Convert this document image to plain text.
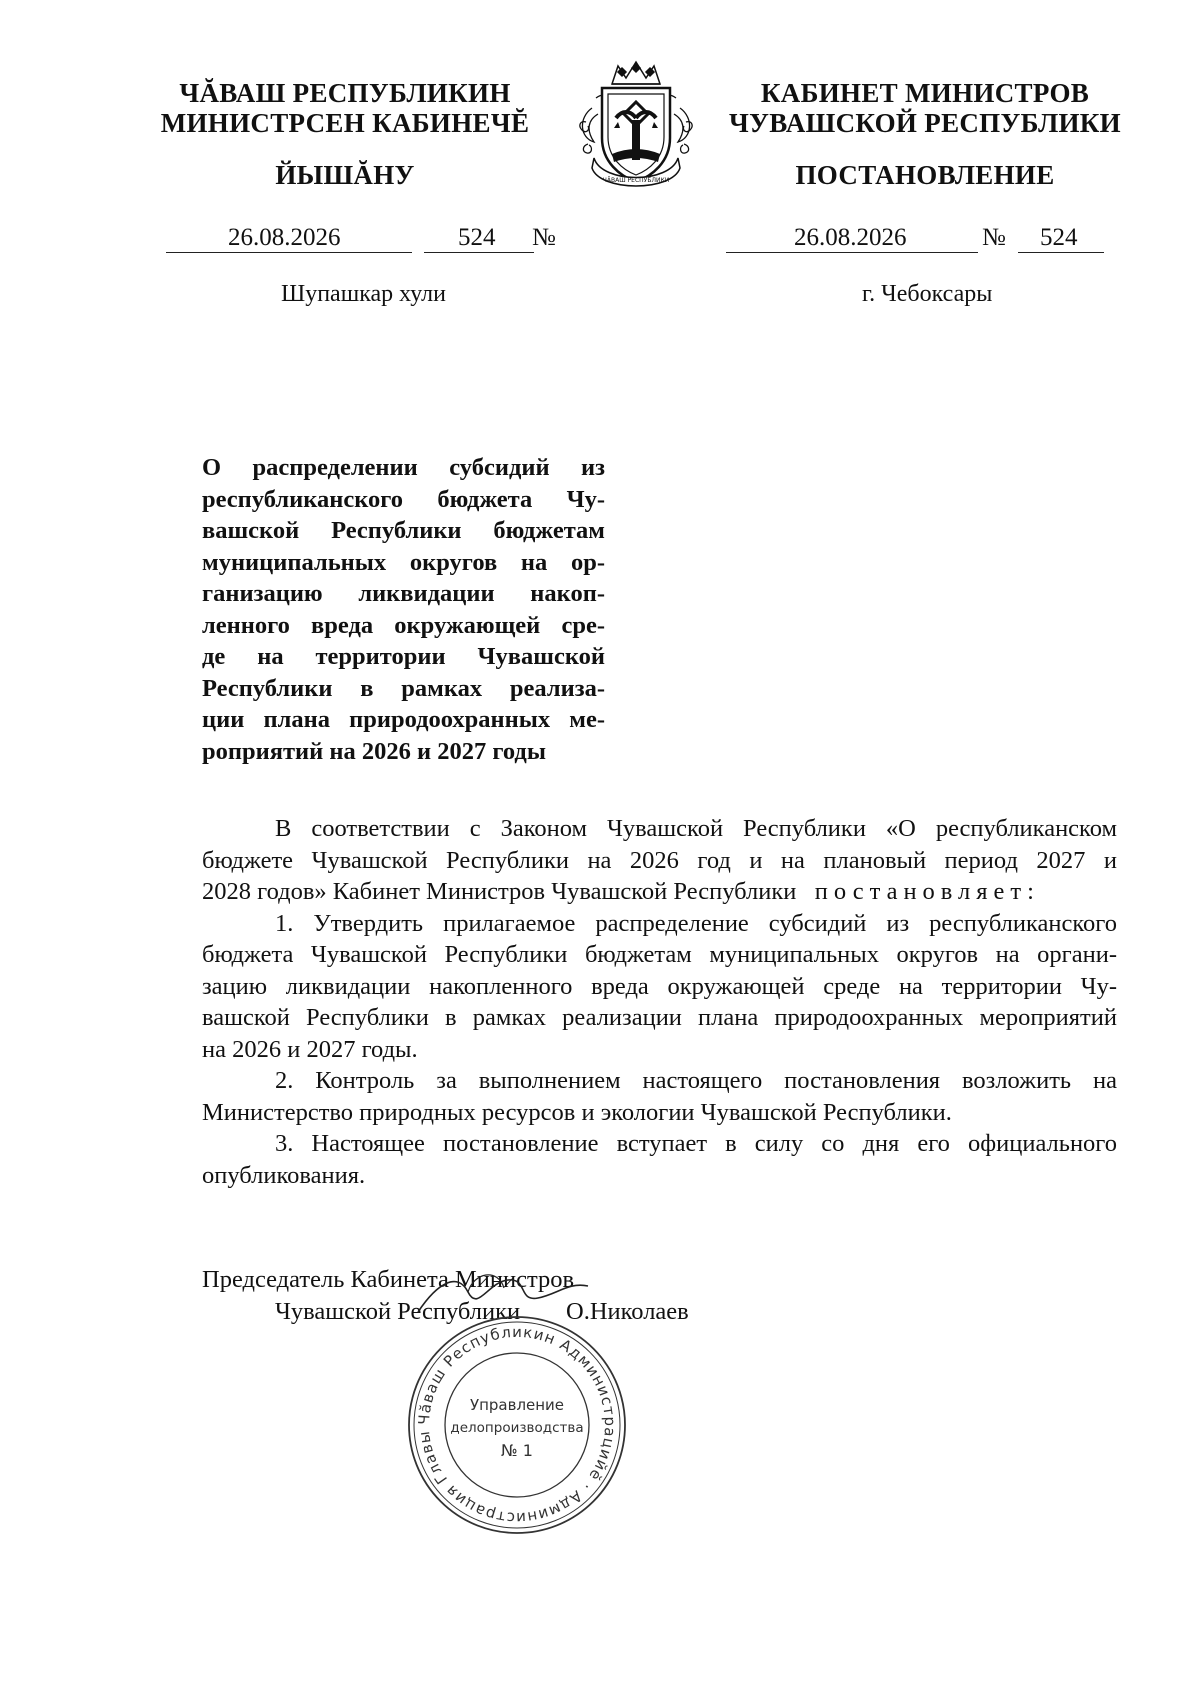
ЧĂВАШ РЕСПУБЛИКИН
МИНИСТРСЕН КАБИНЕЧĔ
ЙЫШĂНУ	ЧĂВАШ РЕСПУБЛИКИ
КАБИНЕТ МИНИСТРОВ
ЧУВАШСКОЙ РЕСПУБЛИКИ
ПОСТАНОВЛЕНИЕ
26.08.2026	524 №	26.08.2026	№ 524
Шупашкар хули	г. Чебоксары
О распределении субсидий из
республиканского бюджета Чу-
вашской Республики бюджетам
муниципальных округов на ор-
ганизацию ликвидации накоп-
ленного вреда окружающей сре-
де на территории Чувашской
Республики в рамках реализа-
ции плана природоохранных ме-
роприятий на 2026 и 2027 годы
В соответствии с Законом Чувашской Республики «О республиканском
бюджете Чувашской Республики на 2026 год и на плановый период 2027 и
2028 годов» Кабинет Министров Чувашской Республики постановляет:
1. Утвердить прилагаемое распределение субсидий из республиканского
бюджета Чувашской Республики бюджетам муниципальных округов на органи-
зацию ликвидации накопленного вреда окружающей среде на территории Чу-
вашской Республики в рамках реализации плана природоохранных мероприятий
на 2026 и 2027 годы.
2. Контроль за выполнением настоящего постановления возложить на
Министерство природных ресурсов и экологии Чувашской Республики.
3. Настоящее постановление вступает в силу со дня его официального
опубликования.
Председатель Кабинета Министров
Чувашской Республики О.Николаев
Чăваш Республикин Администрацийĕ · Администрация Главы
Управление
делопроизводства
№ 1
